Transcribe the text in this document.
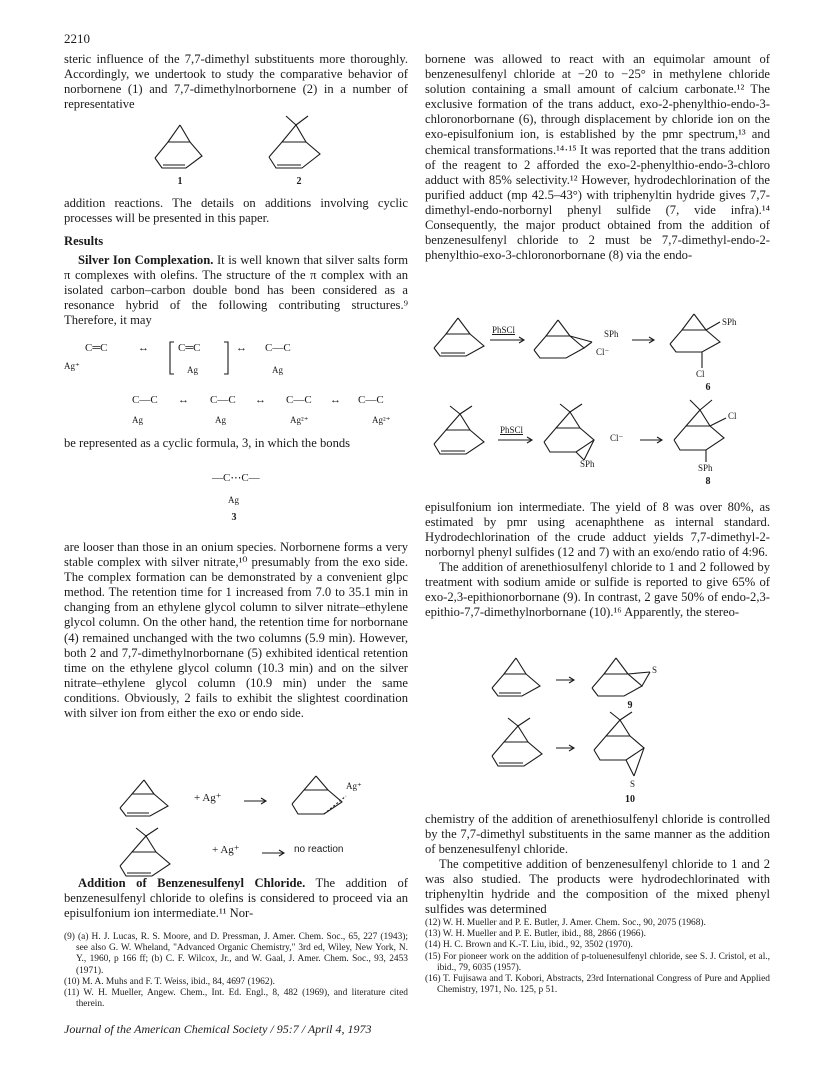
2210

steric influence of the 7,7-dimethyl substituents more thoroughly. Accordingly, we undertook to study the comparative behavior of norbornene (1) and 7,7-dimethylnorbornene (2) in a number of representative

1	2

addition reactions. The details on additions involving cyclic processes will be presented in this paper.

Results

Silver Ion Complexation. It is well known that silver salts form π complexes with olefins. The structure of the π complex with an isolated carbon–carbon double bond has been considered as a resonance hybrid of the following contributing structures.⁹ Therefore, it may

C═C
Ag⁺
↔	C═C
Ag
↔ C—C
Ag
C—C
Ag
↔ C—C
Ag
↔ C—C
Ag²⁺
↔ C—C
Ag²⁺

be represented as a cyclic formula, 3, in which the bonds

—C⋯C—
Ag
3

are looser than those in an onium species. Norbornene forms a very stable complex with silver nitrate,¹⁰ presumably from the exo side. The complex formation can be demonstrated by a convenient glpc method. The retention time for 1 increased from 7.0 to 35.1 min in changing from an ethylene glycol column to silver nitrate–ethylene glycol column. On the other hand, the retention time for norbornane (4) remained unchanged with the two columns (5.9 min). However, both 2 and 7,7-dimethylnorbornane (5) exhibited identical retention time on the ethylene glycol column (10.3 min) and on the silver nitrate–ethylene glycol column (10.9 min) under the same conditions. Obviously, 2 fails to exhibit the slightest coordination with silver ion from either the exo or endo side.

+ Ag⁺ →
Ag⁺
+ Ag⁺ → no reaction

Addition of Benzenesulfenyl Chloride. The addition of benzenesulfenyl chloride to olefins is considered to proceed via an episulfonium ion intermediate.¹¹ Nor-

(9) (a) H. J. Lucas, R. S. Moore, and D. Pressman, J. Amer. Chem. Soc., 65, 227 (1943); see also G. W. Wheland, "Advanced Organic Chemistry," 3rd ed, Wiley, New York, N. Y., 1960, p 166 ff; (b) C. F. Wilcox, Jr., and W. Gaal, J. Amer. Chem. Soc., 93, 2453 (1971).

(10) M. A. Muhs and F. T. Weiss, ibid., 84, 4697 (1962).

(11) W. H. Mueller, Angew. Chem., Int. Ed. Engl., 8, 482 (1969), and literature cited therein.

Journal of the American Chemical Society / 95:7 / April 4, 1973

bornene was allowed to react with an equimolar amount of benzenesulfenyl chloride at −20 to −25° in methylene chloride solution containing a small amount of calcium carbonate.¹² The exclusive formation of the trans adduct, exo-2-phenylthio-endo-3-chloronorbornane (6), through displacement by chloride ion on the exo-episulfonium ion, is established by the pmr spectrum,¹³ and chemical transformations.¹⁴·¹⁵ It was reported that the trans addition of the reagent to 2 afforded the exo-2-phenylthio-endo-3-chloro adduct with 85% selectivity.¹² However, hydrodechlorination of the purified adduct (mp 42.5–43°) with triphenyltin hydride gives 7,7-dimethyl-endo-norbornyl phenyl sulfide (7, vide infra).¹⁴ Consequently, the major product obtained from the addition of benzenesulfenyl chloride to 2 must be 7,7-dimethyl-endo-2-phenylthio-exo-3-chloronorbornane (8) via the endo-

PhSCl	SPh
Cl⁻
SPh
Cl
6
PhSCl
Cl⁻
SPh
Cl
SPh
8

episulfonium ion intermediate. The yield of 8 was over 80%, as estimated by pmr using acenaphthene as internal standard. Hydrodechlorination of the crude adduct yields 7,7-dimethyl-2-norbornyl phenyl sulfides (12 and 7) with an exo/endo ratio of 4:96.

The addition of arenethiosulfenyl chloride to 1 and 2 followed by treatment with sodium amide or sulfide is reported to give 65% of exo-2,3-epithionorbornane (9). In contrast, 2 gave 50% of endo-2,3-epithio-7,7-dimethylnorbornane (10).¹⁶ Apparently, the stereo-

S
9
S
10

chemistry of the addition of arenethiosulfenyl chloride is controlled by the 7,7-dimethyl substituents in the same manner as the addition of benzenesulfenyl chloride.

The competitive addition of benzenesulfenyl chloride to 1 and 2 was also studied. The products were hydrodechlorinated with triphenyltin hydride and the composition of the mixed phenyl sulfides was determined

(12) W. H. Mueller and P. E. Butler, J. Amer. Chem. Soc., 90, 2075 (1968).

(13) W. H. Mueller and P. E. Butler, ibid., 88, 2866 (1966).

(14) H. C. Brown and K.-T. Liu, ibid., 92, 3502 (1970).

(15) For pioneer work on the addition of p-toluenesulfenyl chloride, see S. J. Cristol, et al., ibid., 79, 6035 (1957).

(16) T. Fujisawa and T. Kobori, Abstracts, 23rd International Congress of Pure and Applied Chemistry, 1971, No. 125, p 51.
